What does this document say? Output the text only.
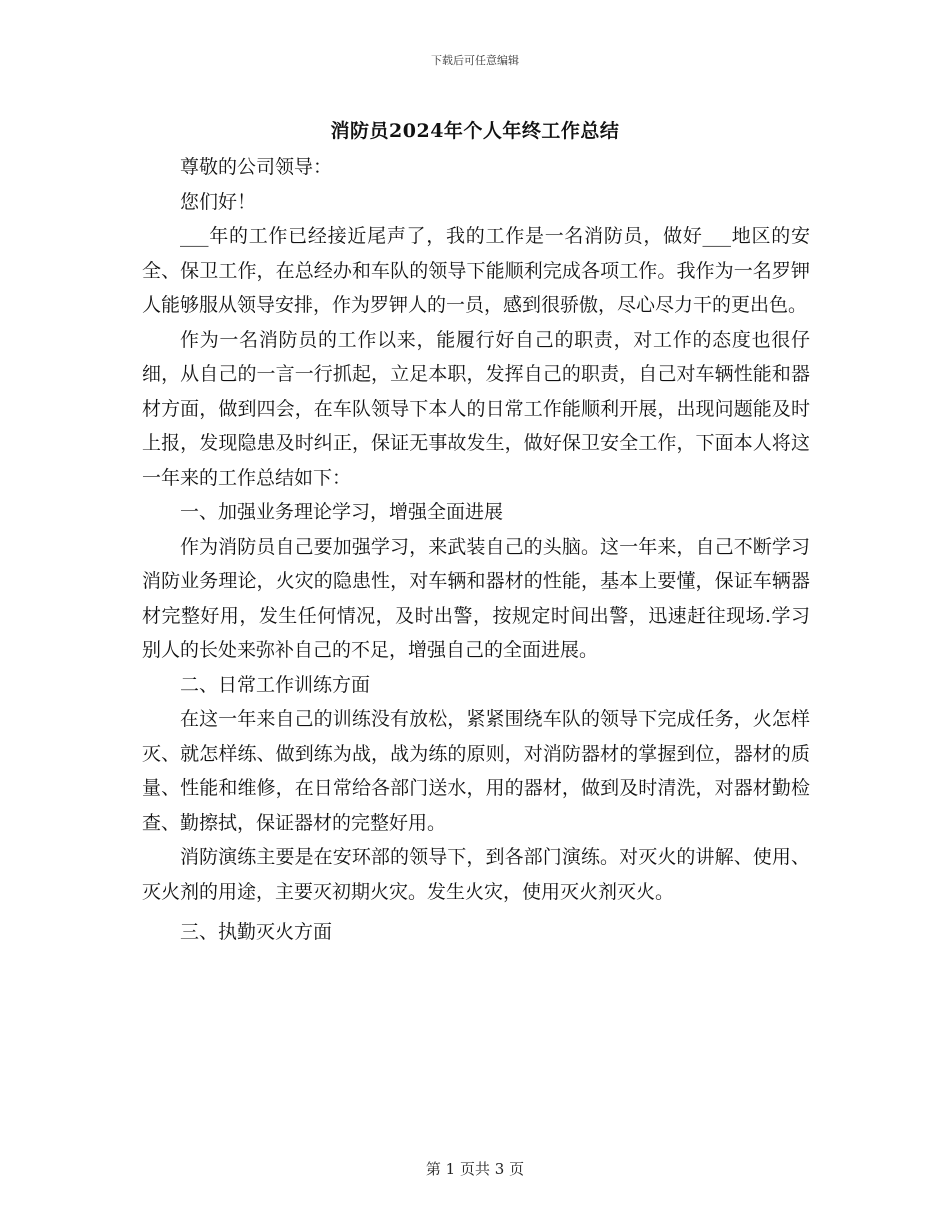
下载后可任意编辑
消防员2024年个人年终工作总结

尊敬的公司领导：

您们好！

___年的工作已经接近尾声了，我的工作是一名消防员，做好___地区的安全、保卫工作，在总经办和车队的领导下能顺利完成各项工作。我作为一名罗钾人能够服从领导安排，作为罗钾人的一员，感到很骄傲，尽心尽力干的更出色。

作为一名消防员的工作以来，能履行好自己的职责，对工作的态度也很仔细，从自己的一言一行抓起，立足本职，发挥自己的职责，自己对车辆性能和器材方面，做到四会，在车队领导下本人的日常工作能顺利开展，出现问题能及时上报，发现隐患及时纠正，保证无事故发生，做好保卫安全工作，下面本人将这一年来的工作总结如下：

一、加强业务理论学习，增强全面进展

作为消防员自己要加强学习，来武装自己的头脑。这一年来，自己不断学习消防业务理论，火灾的隐患性，对车辆和器材的性能，基本上要懂，保证车辆器材完整好用，发生任何情况，及时出警，按规定时间出警，迅速赶往现场.学习别人的长处来弥补自己的不足，增强自己的全面进展。

二、日常工作训练方面

在这一年来自己的训练没有放松，紧紧围绕车队的领导下完成任务，火怎样灭、就怎样练、做到练为战，战为练的原则，对消防器材的掌握到位，器材的质量、性能和维修，在日常给各部门送水，用的器材，做到及时清洗，对器材勤检查、勤擦拭，保证器材的完整好用。

消防演练主要是在安环部的领导下，到各部门演练。对灭火的讲解、使用、灭火剂的用途，主要灭初期火灾。发生火灾，使用灭火剂灭火。

三、执勤灭火方面

第 1 页共 3 页
